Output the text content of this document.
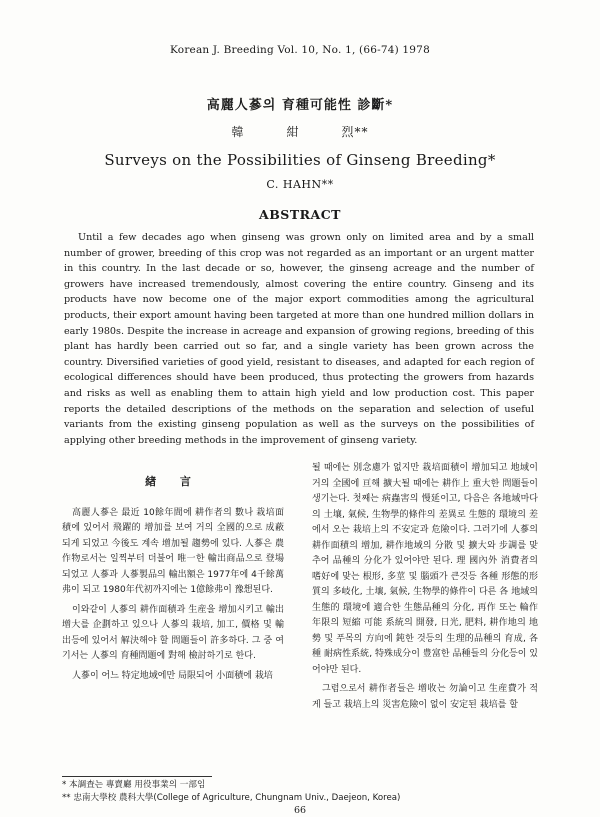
Korean J. Breeding Vol. 10, No. 1, (66-74) 1978
高麗人蔘의 育種可能性 診斷*
韓	紺	烈**
Surveys on the Possibilities of Ginseng Breeding*
C. HAHN**
ABSTRACT

Until a few decades ago when ginseng was grown only on limited area and by a small number of grower, breeding of this crop was not regarded as an important or an urgent matter in this country. In the last decade or so, however, the ginseng acreage and the number of growers have increased tremendously, almost covering the entire country. Ginseng and its products have now become one of the major export commodities among the agricultural products, their export amount having been targeted at more than one hundred million dollars in early 1980s. Despite the increase in acreage and expansion of growing regions, breeding of this plant has hardly been carried out so far, and a single variety has been grown across the country. Diversified varieties of good yield, resistant to diseases, and adapted for each region of ecological differences should have been produced, thus protecting the growers from hazards and risks as well as enabling them to attain high yield and low production cost. This paper reports the detailed descriptions of the methods on the separation and selection of useful variants from the existing ginseng population as well as the surveys on the possibilities of applying other breeding methods in the improvement of ginseng variety.

緖 言

高麗人蔘은 最近 10餘年間에 耕作者의 數나 栽培面積에 있어서 飛躍的 增加를 보여 거의 全國的으로 成蔽되게 되었고 今後도 계속 增加될 趨勢에 있다. 人蔘은 農作物로서는 일찍부터 더불어 唯一한 輸出商品으로 登場되었고 人蔘과 人蔘製品의 輸出額은 1977年에 4千餘萬弗이 되고 1980年代初까지에는 1億餘弗이 豫想된다.

이와같이 人蔘의 耕作面積과 生産을 增加시키고 輸出增大를 企劃하고 있으나 人蔘의 栽培, 加工, 價格 및 輸出등에 있어서 解決해야 할 問題들이 許多하다. 그 중 여기서는 人蔘의 育種問題에 對해 檢討하기로 한다.

人蔘이 어느 特定地域에만 局限되어 小面積에 栽培

될 때에는 別念慮가 없지만 栽培面積이 增加되고 地域이 거의 全國에 亘해 擴大될 때에는 耕作上 重大한 問題들이 생기는다. 첫째는 病蟲害의 慢延이고, 다음은 各地域마다의 土壤, 氣候, 生物學的條件의 差異로 生態的 環境의 差에서 오는 栽培上의 不安定과 危險이다. 그러기에 人蔘의 耕作面積의 增加, 耕作地域의 分散 및 擴大와 步調를 맞추어 品種의 分化가 있어야만 된다. 理 國內外 消費者의 嗜好에 맞는 根形, 多莖 및 腦頭가 큰것등 各種 形態的形質의 多岐化, 土壤, 氣候, 生物學的條件이 다른 各 地域의 生態的 環境에 適合한 生態品種의 分化, 再作 또는 輪作年限의 短縮 可能 系統의 開發, 日光, 肥料, 耕作地의 地勢 및 푸목의 方向에 鈍한 것등의 生理的品種의 育成, 各種 耐病性系統, 特殊成分이 豊富한 品種들의 分化등이 있어야만 된다.

그럼으로서 耕作者들은 增收는 勿論이고 生産費가 적게 들고 栽培上의 災害危險이 없이 安定된 栽培를 할

* 本調査는 專賣廳 用役事業의 一部임
** 忠南大學校 農科大學(College of Agriculture, Chungnam Univ., Daejeon, Korea)
66
